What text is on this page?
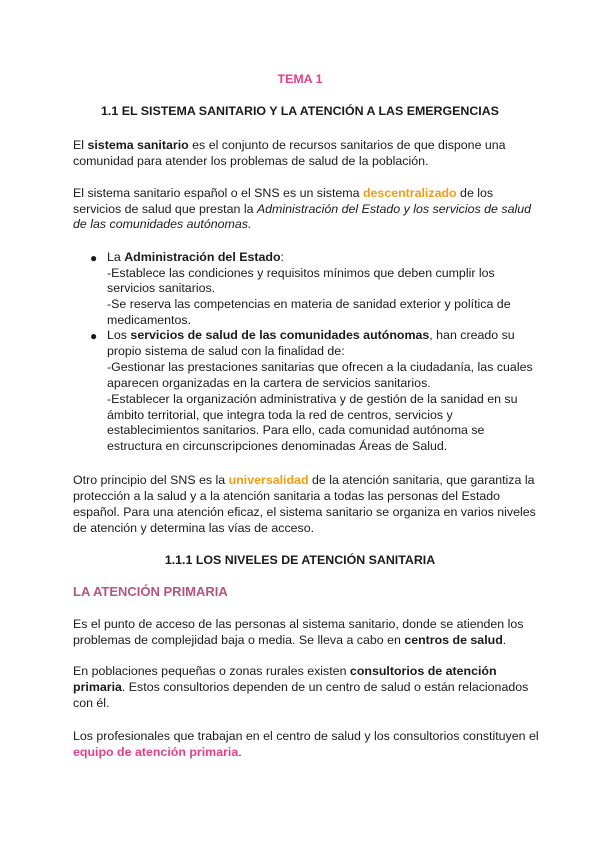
TEMA 1
1.1 EL SISTEMA SANITARIO Y LA ATENCIÓN A LAS EMERGENCIAS
El sistema sanitario es el conjunto de recursos sanitarios de que dispone una
comunidad para atender los problemas de salud de la población.
El sistema sanitario español o el SNS es un sistema descentralizado de los
servicios de salud que prestan la Administración del Estado y los servicios de salud
de las comunidades autónomas.
● La Administración del Estado:
-Establece las condiciones y requisitos mínimos que deben cumplir los
servicios sanitarios.
-Se reserva las competencias en materia de sanidad exterior y política de
medicamentos.
● Los servicios de salud de las comunidades autónomas, han creado su
propio sistema de salud con la finalidad de:
-Gestionar las prestaciones sanitarias que ofrecen a la ciudadanía, las cuales
aparecen organizadas en la cartera de servicios sanitarios.
-Establecer la organización administrativa y de gestión de la sanidad en su
ámbito territorial, que integra toda la red de centros, servicios y
establecimientos sanitarios. Para ello, cada comunidad autónoma se
estructura en circunscripciones denominadas Áreas de Salud.
Otro principio del SNS es la universalidad de la atención sanitaria, que garantiza la
protección a la salud y a la atención sanitaria a todas las personas del Estado
español. Para una atención eficaz, el sistema sanitario se organiza en varios niveles
de atención y determina las vías de acceso.
1.1.1 LOS NIVELES DE ATENCIÓN SANITARIA
LA ATENCIÓN PRIMARIA
Es el punto de acceso de las personas al sistema sanitario, donde se atienden los
problemas de complejidad baja o media. Se lleva a cabo en centros de salud.
En poblaciones pequeñas o zonas rurales existen consultorios de atención
primaria. Estos consultorios dependen de un centro de salud o están relacionados
con él.
Los profesionales que trabajan en el centro de salud y los consultorios constituyen el
equipo de atención primaria.
